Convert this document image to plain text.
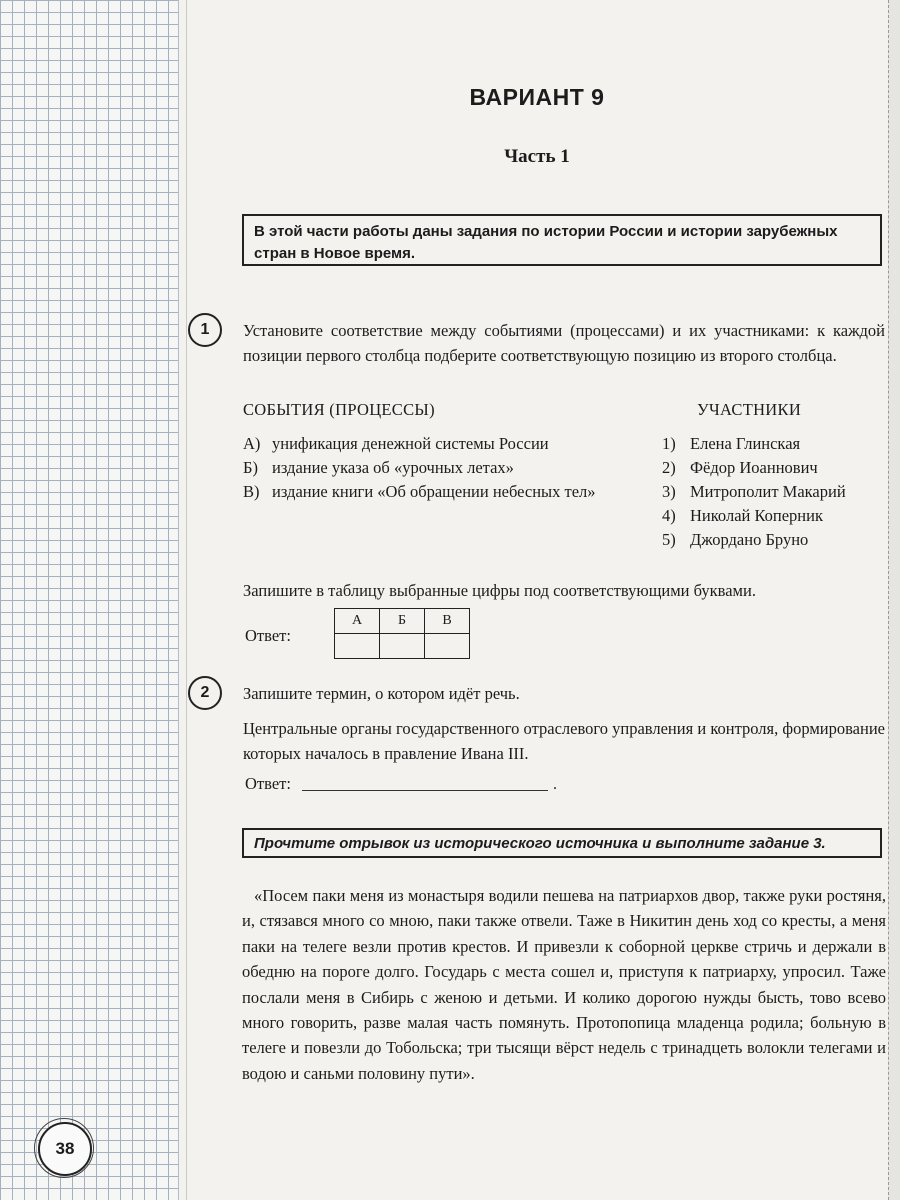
38
ВАРИАНТ 9
Часть 1
В этой части работы даны задания по истории России и истории зарубежных стран в Новое время.
1	Установите соответствие между событиями (процессами) и их участниками: к каждой позиции первого столбца подберите соответствующую позицию из второго столбца.
СОБЫТИЯ (ПРОЦЕССЫ)	УЧАСТНИКИ
А) унификация денежной системы России
Б) издание указа об «урочных летах»
В) издание книги «Об обращении небесных тел»
1) Елена Глинская
2) Фёдор Иоаннович
3) Митрополит Макарий
4) Николай Коперник
5) Джордано Бруно
Запишите в таблицу выбранные цифры под соответствующими буквами.
Ответ:
А	Б	В

2	Запишите термин, о котором идёт речь.
Центральные органы государственного отраслевого управления и контроля, формирование которых началось в правление Ивана III.
Ответ:	.
Прочтите отрывок из исторического источника и выполните задание 3.
«Посем паки меня из монастыря водили пешева на патриархов двор, также руки ростяня, и, стязався много со мною, паки также отвели. Таже в Никитин день ход со кресты, а меня паки на телеге везли против крестов. И привезли к соборной церкве стричь и держали в обедню на пороге долго. Государь с места сошел и, приступя к патриарху, упросил. Таже послали меня в Сибирь с женою и детьми. И колико дорогою нужды бысть, тово всево много говорить, разве малая часть помянуть. Протопопица младенца родила; больную в телеге и повезли до Тобольска; три тысящи вёрст недель с тринадцеть волокли телегами и водою и саньми половину пути».
